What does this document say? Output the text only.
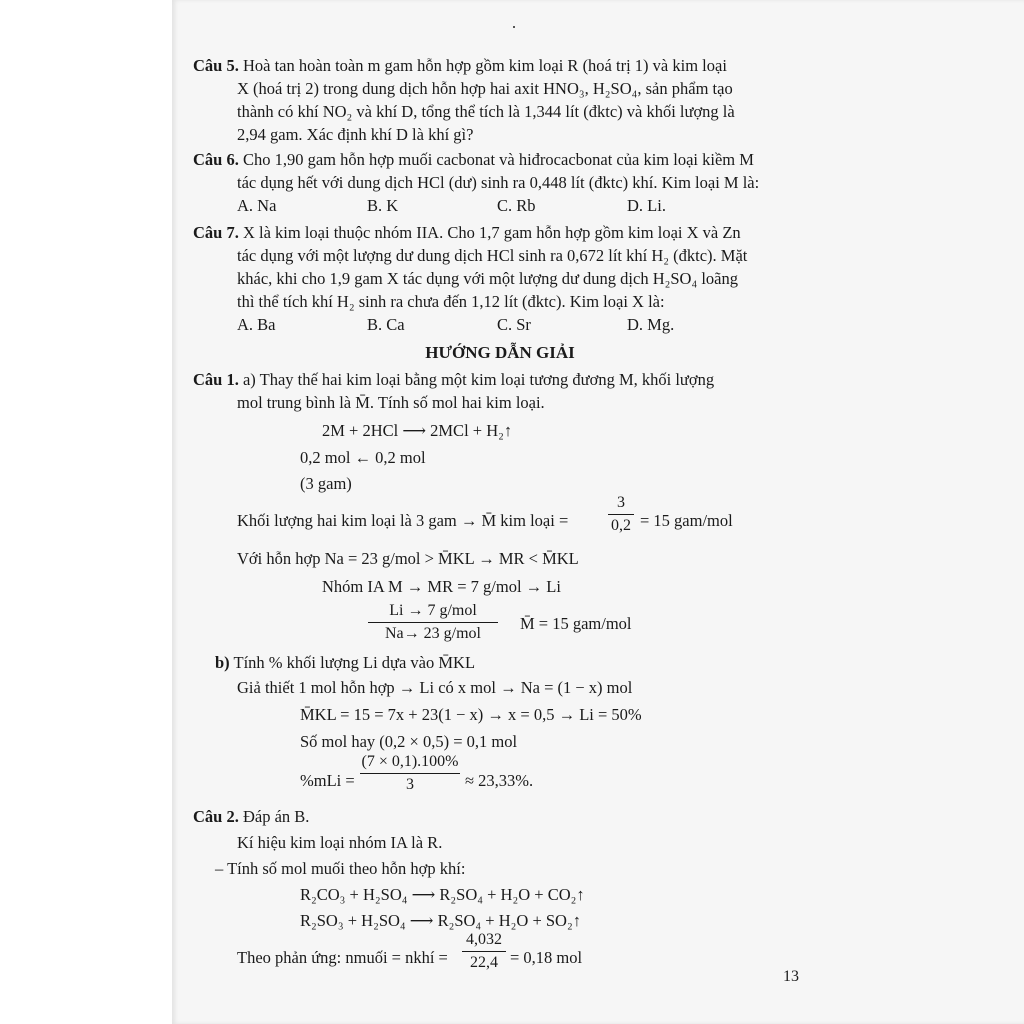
Câu 5. Hoà tan hoàn toàn m gam hỗn hợp gồm kim loại R (hoá trị 1) và kim loại
X (hoá trị 2) trong dung dịch hỗn hợp hai axit HNO₃, H₂SO₄, sản phẩm tạo
thành có khí NO₂ và khí D, tổng thể tích là 1,344 lít (đktc) và khối lượng là
2,94 gam. Xác định khí D là khí gì?
Câu 6. Cho 1,90 gam hỗn hợp muối cacbonat và hiđrocacbonat của kim loại kiềm M
tác dụng hết với dung dịch HCl (dư) sinh ra 0,448 lít (đktc) khí. Kim loại M là:
A. Na	B. K	C. Rb	D. Li.
Câu 7. X là kim loại thuộc nhóm IIA. Cho 1,7 gam hỗn hợp gồm kim loại X và Zn
tác dụng với một lượng dư dung dịch HCl sinh ra 0,672 lít khí H₂ (đktc). Mặt
khác, khi cho 1,9 gam X tác dụng với một lượng dư dung dịch H₂SO₄ loãng
thì thể tích khí H₂ sinh ra chưa đến 1,12 lít (đktc). Kim loại X là:
A. Ba	B. Ca	C. Sr	D. Mg.
HƯỚNG DẪN GIẢI
Câu 1. a) Thay thế hai kim loại bằng một kim loại tương đương M, khối lượng
mol trung bình là M̄. Tính số mol hai kim loại.
2M + 2HCl ⟶ 2MCl + H₂↑
0,2 mol ← 0,2 mol
(3 gam)
Khối lượng hai kim loại là 3 gam → M̄ kim loại =
3
0,2 = 15 gam/mol
Với hỗn hợp Na = 23 g/mol > M̄KL → MR < M̄KL
Nhóm IA M → MR = 7 g/mol → Li
Li → 7 g/mol
Na→ 23 g/mol
M̄ = 15 gam/mol
b) Tính % khối lượng Li dựa vào M̄KL
Giả thiết 1 mol hỗn hợp → Li có x mol → Na = (1 − x) mol
M̄KL = 15 = 7x + 23(1 − x) → x = 0,5 → Li = 50%
Số mol hay (0,2 × 0,5) = 0,1 mol
%mLi =
(7 × 0,1).100%
3	≈ 23,33%.
Câu 2. Đáp án B.
Kí hiệu kim loại nhóm IA là R.
– Tính số mol muối theo hỗn hợp khí:
R₂CO₃ + H₂SO₄ ⟶ R₂SO₄ + H₂O + CO₂↑
R₂SO₃ + H₂SO₄ ⟶ R₂SO₄ + H₂O + SO₂↑
Theo phản ứng: nmuối = nkhí =
4,032
22,4 = 0,18 mol
13
